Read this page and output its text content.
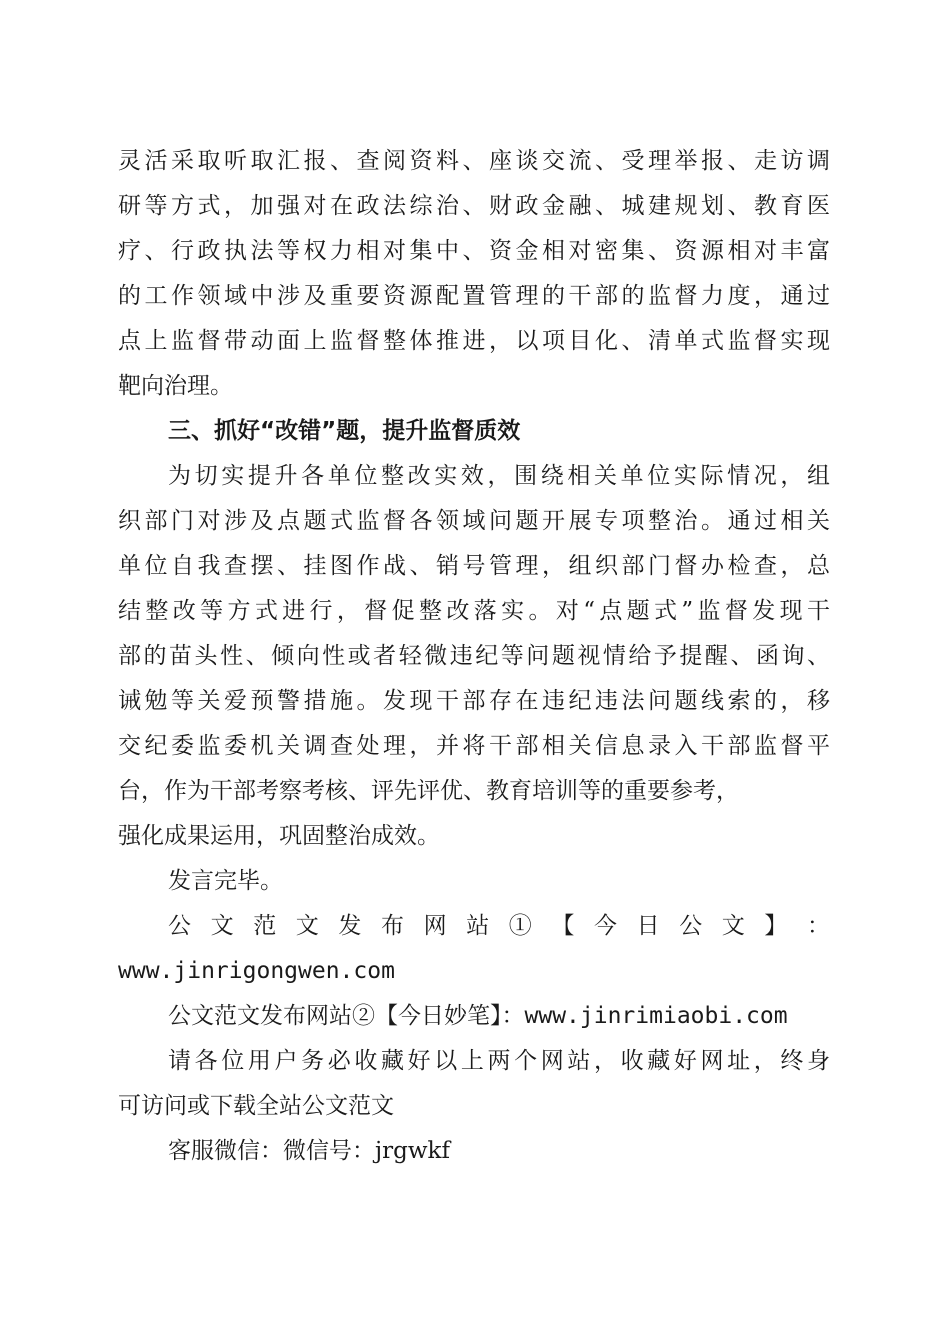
灵活采取听取汇报、查阅资料、座谈交流、受理举报、走访调
研等方式，加强对在政法综治、财政金融、城建规划、教育医
疗、行政执法等权力相对集中、资金相对密集、资源相对丰富
的工作领域中涉及重要资源配置管理的干部的监督力度，通过
点上监督带动面上监督整体推进，以项目化、清单式监督实现
靶向治理。
三、抓好“改错”题，提升监督质效
为切实提升各单位整改实效，围绕相关单位实际情况，组
织部门对涉及点题式监督各领域问题开展专项整治。通过相关
单位自我查摆、挂图作战、销号管理，组织部门督办检查，总
结整改等方式进行，督促整改落实。对“点题式”监督发现干
部的苗头性、倾向性或者轻微违纪等问题视情给予提醒、函询、
诫勉等关爱预警措施。发现干部存在违纪违法问题线索的，移
交纪委监委机关调查处理，并将干部相关信息录入干部监督平
台，作为干部考察考核、评先评优、教育培训等的重要参考，
强化成果运用，巩固整治成效。
发言完毕。
公 文 范 文 发 布 网 站 ① 【 今 日 公 文 】 ：
www.jinrigongwen.com
公文范文发布网站②【今日妙笔】：www.jinrimiaobi.com
请各位用户务必收藏好以上两个网站，收藏好网址，终身
可访问或下载全站公文范文
客服微信：微信号：jrgwkf
